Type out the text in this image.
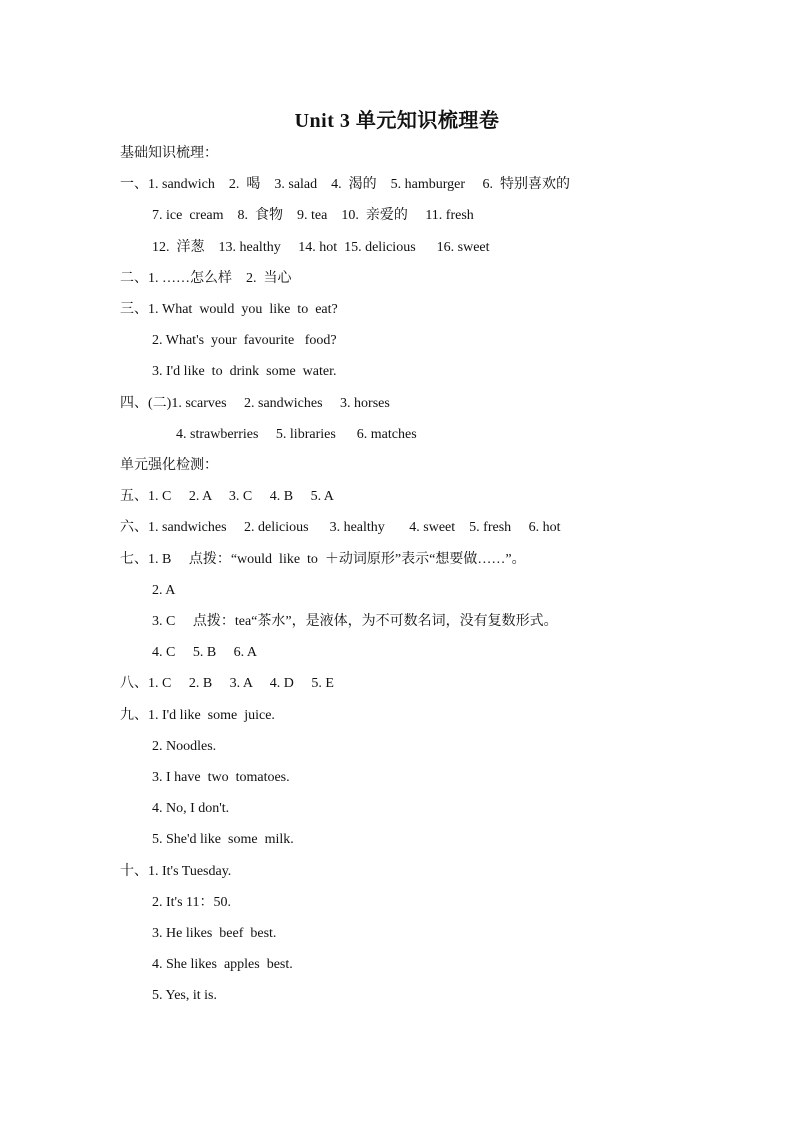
Unit 3 单元知识梳理卷
基础知识梳理：
一、1. sandwich    2.  喝    3. salad    4.  渴的    5. hamburger     6.  特别喜欢的
7. ice  cream    8.  食物    9. tea    10.  亲爱的     11. fresh
12.  洋葱    13. healthy     14. hot  15. delicious      16. sweet
二、1. ……怎么样    2.  当心
三、1. What  would  you  like  to  eat?
2. What's  your  favourite   food?
3. I'd like  to  drink  some  water.
四、(二)1. scarves     2. sandwiches     3. horses
4. strawberries     5. libraries      6. matches
单元强化检测：
五、1. C     2. A     3. C     4. B     5. A
六、1. sandwiches     2. delicious      3. healthy       4. sweet    5. fresh     6. hot
七、1. B     点拨：“would  like  to  ＋动词原形”表示“想要做……”。
2. A
3. C     点拨：tea“茶水”，是液体，为不可数名词，没有复数形式。
4. C     5. B     6. A
八、1. C     2. B     3. A     4. D     5. E
九、1. I'd like  some  juice.
2. Noodles.
3. I have  two  tomatoes.
4. No, I don't.
5. She'd like  some  milk.
十、1. It's Tuesday.
2. It's 11：50.
3. He likes  beef  best.
4. She likes  apples  best.
5. Yes, it is.
